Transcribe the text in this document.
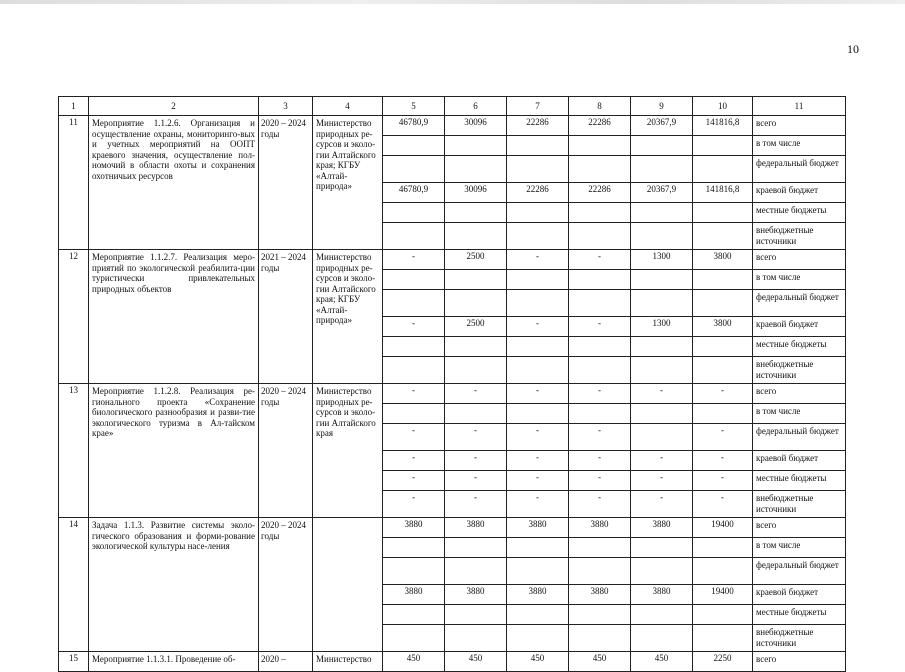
10
1	2	3	4	5	6	7	8	9	10	11
11	Мероприятие 1.1.2.6. Организация и осуществление охраны, мониторинго-вых и учетных мероприятий на ООПТ краевого значения, осуществление пол-номочий в области охоты и сохранения охотничьих ресурсов	2020 – 2024 годы	Министерство природных ре-сурсов и эколо-гии Алтайского края; КГБУ «Алтай-природа»	46780,9	30096	22286	22286	20367,9	141816,8	всего
										в том числе
										федеральный бюджет
				46780,9	30096	22286	22286	20367,9	141816,8	краевой бюджет
										местные бюджеты
										внебюджетные источники
12	Мероприятие 1.1.2.7. Реализация меро-приятий по экологической реабилита-ции туристически привлекательных природных объектов	2021 – 2024 годы	Министерство природных ре-сурсов и эколо-гии Алтайского края; КГБУ «Алтай-природа»	-	2500	-	-	1300	3800	всего
										в том числе
										федеральный бюджет
				-	2500	-	-	1300	3800	краевой бюджет
										местные бюджеты
										внебюджетные источники
13	Мероприятие 1.1.2.8. Реализация ре-гионального проекта «Сохранение биологического разнообразия и разви-тие экологического туризма в Ал-тайском крае»	2020 – 2024 годы	Министерство природных ре-сурсов и эколо-гии Алтайского края	-	-	-	-	-	-	всего
										в том числе
				-	-	-	-		-	федеральный бюджет
				-	-	-	-	-	-	краевой бюджет
				-	-	-	-	-	-	местные бюджеты
				-	-	-	-	-	-	внебюджетные источники
14	Задача 1.1.3. Развитие системы эколо-гического образования и форми-рование экологической культуры насе-ления	2020 – 2024 годы		3880	3880	3880	3880	3880	19400	всего
										в том числе
										федеральный бюджет
				3880	3880	3880	3880	3880	19400	краевой бюджет
										местные бюджеты
										внебюджетные источники
15	Мероприятие 1.1.3.1. Проведение об-	2020 –	Министерство	450	450	450	450	450	2250	всего
